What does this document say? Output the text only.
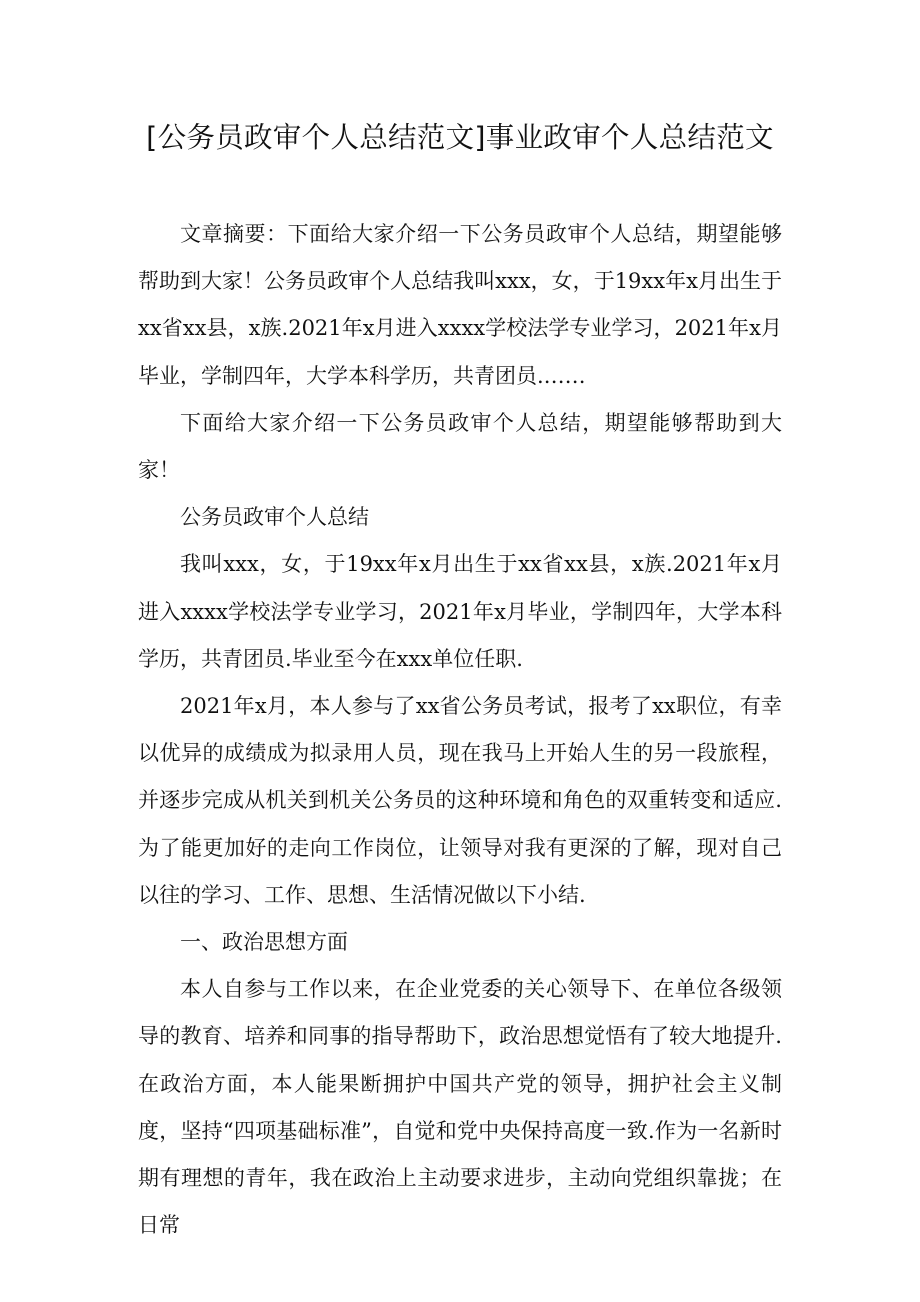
[公务员政审个人总结范文]事业政审个人总结范文

文章摘要：下面给大家介绍一下公务员政审个人总结，期望能够帮助到大家！公务员政审个人总结我叫xxx，女，于19xx年x月出生于xx省xx县，x族.2021年x月进入xxxx学校法学专业学习，2021年x月毕业，学制四年，大学本科学历，共青团员.……

下面给大家介绍一下公务员政审个人总结，期望能够帮助到大家！

公务员政审个人总结

我叫xxx，女，于19xx年x月出生于xx省xx县，x族.2021年x月进入xxxx学校法学专业学习，2021年x月毕业，学制四年，大学本科学历，共青团员.毕业至今在xxx单位任职.

2021年x月，本人参与了xx省公务员考试，报考了xx职位，有幸以优异的成绩成为拟录用人员，现在我马上开始人生的另一段旅程，并逐步完成从机关到机关公务员的这种环境和角色的双重转变和适应.为了能更加好的走向工作岗位，让领导对我有更深的了解，现对自己以往的学习、工作、思想、生活情况做以下小结.

一、政治思想方面

本人自参与工作以来，在企业党委的关心领导下、在单位各级领导的教育、培养和同事的指导帮助下，政治思想觉悟有了较大地提升.在政治方面，本人能果断拥护中国共产党的领导，拥护社会主义制度，坚持“四项基础标准”，自觉和党中央保持高度一致.作为一名新时期有理想的青年，我在政治上主动要求进步，主动向党组织靠拢；在日常
